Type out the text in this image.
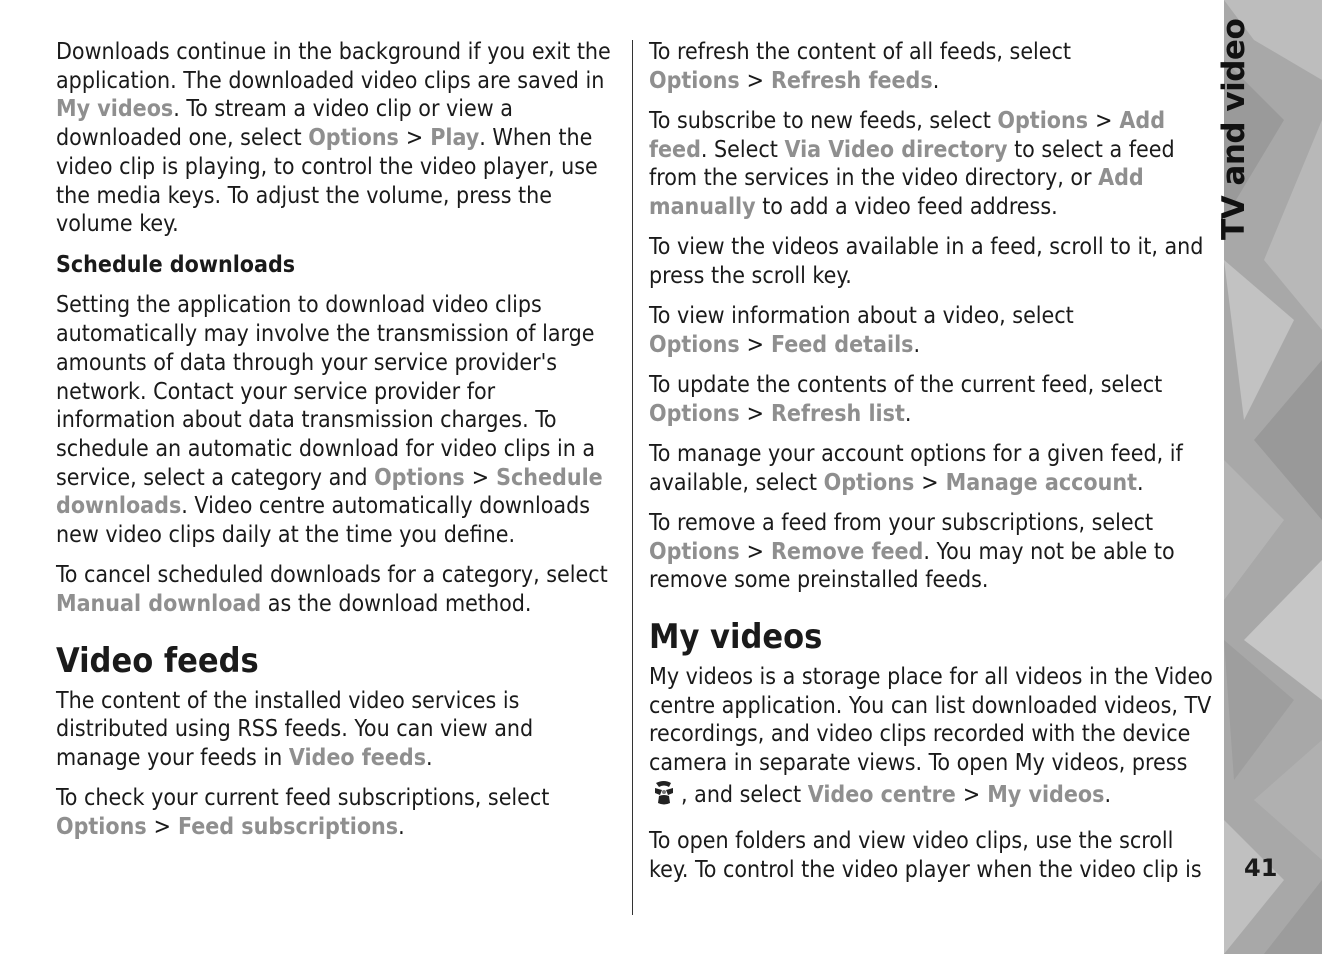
Downloads continue in the background if you exit the application. The downloaded video clips are saved in My videos. To stream a video clip or view a downloaded one, select Options > Play. When the video clip is playing, to control the video player, use the media keys. To adjust the volume, press the volume key.

Schedule downloads

Setting the application to download video clips automatically may involve the transmission of large amounts of data through your service provider's network. Contact your service provider for information about data transmission charges. To schedule an automatic download for video clips in a service, select a category and Options > Schedule downloads. Video centre automatically downloads new video clips daily at the time you define.

To cancel scheduled downloads for a category, select Manual download as the download method.

Video feeds

The content of the installed video services is distributed using RSS feeds. You can view and manage your feeds in Video feeds.

To check your current feed subscriptions, select Options > Feed subscriptions.

To refresh the content of all feeds, select Options > Refresh feeds.

To subscribe to new feeds, select Options > Add feed. Select Via Video directory to select a feed from the services in the video directory, or Add manually to add a video feed address.

To view the videos available in a feed, scroll to it, and press the scroll key.

To view information about a video, select Options > Feed details.

To update the contents of the current feed, select Options > Refresh list.

To manage your account options for a given feed, if available, select Options > Manage account.

To remove a feed from your subscriptions, select Options > Remove feed. You may not be able to remove some preinstalled feeds.

My videos

My videos is a storage place for all videos in the Video centre application. You can list downloaded videos, TV recordings, and video clips recorded with the device camera in separate views. To open My videos, press , and select Video centre > My videos.

To open folders and view video clips, use the scroll key. To control the video player when the video clip is

TV and video
41
